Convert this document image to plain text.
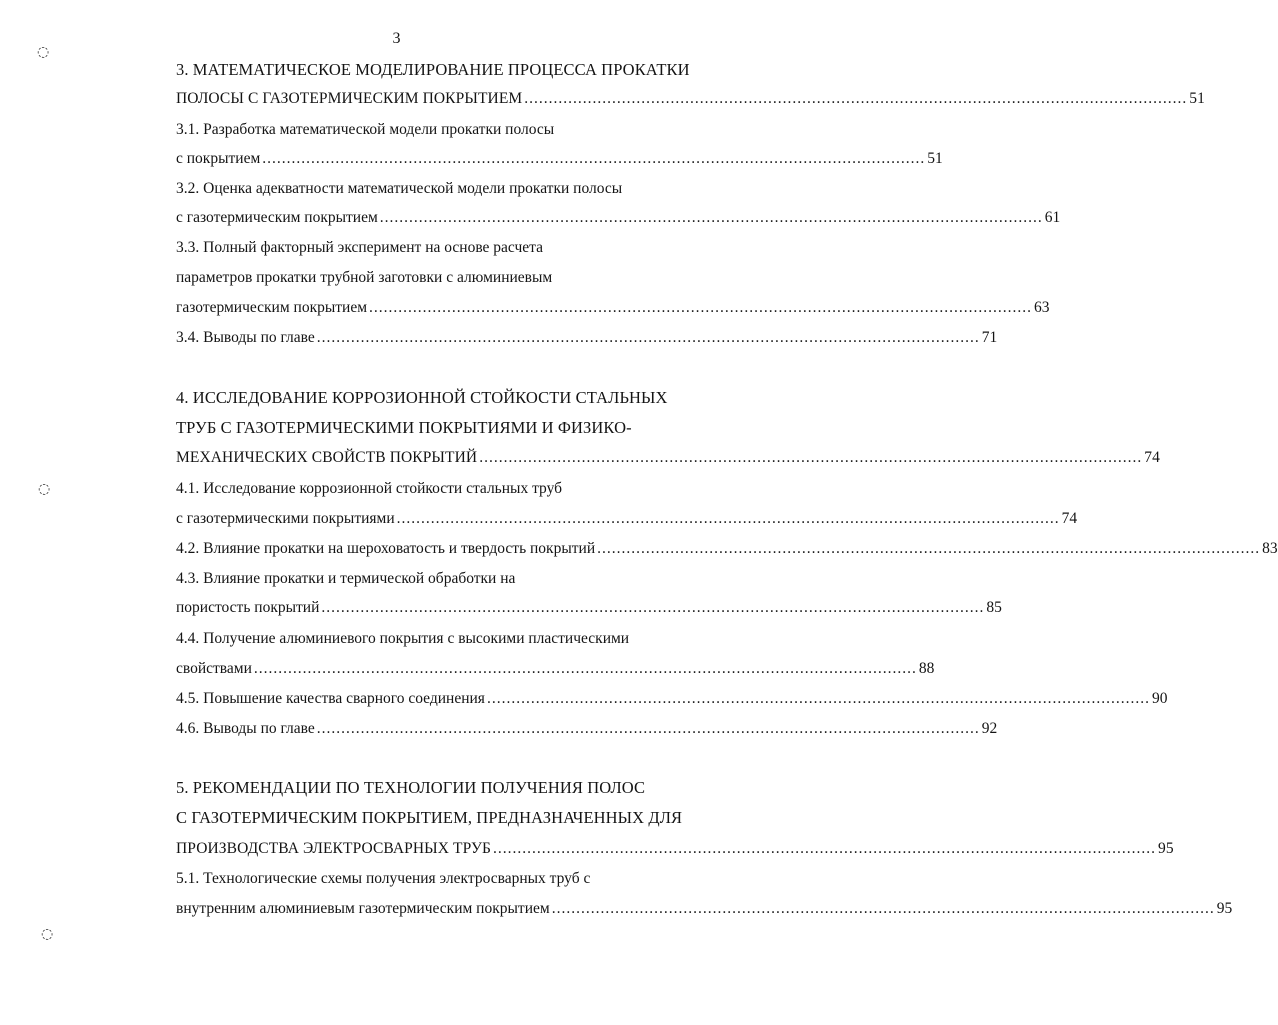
3
◌
◌
◌
3. МАТЕМАТИЧЕСКОЕ МОДЕЛИРОВАНИЕ ПРОЦЕССА ПРОКАТКИ
ПОЛОСЫ С ГАЗОТЕРМИЧЕСКИМ ПОКРЫТИЕМ ........................................................................................................................................ 51
3.1. Разработка математической модели прокатки полосы
с покрытием ........................................................................................................................................ 51
3.2. Оценка адекватности математической модели прокатки полосы
с газотермическим покрытием ........................................................................................................................................ 61
3.3. Полный факторный эксперимент на основе расчета
параметров прокатки трубной заготовки с алюминиевым
газотермическим покрытием ........................................................................................................................................ 63
3.4. Выводы по главе ........................................................................................................................................ 71
4. ИССЛЕДОВАНИЕ КОРРОЗИОННОЙ СТОЙКОСТИ СТАЛЬНЫХ
ТРУБ С ГАЗОТЕРМИЧЕСКИМИ ПОКРЫТИЯМИ И ФИЗИКО-
МЕХАНИЧЕСКИХ СВОЙСТВ ПОКРЫТИЙ ........................................................................................................................................ 74
4.1. Исследование коррозионной стойкости стальных труб
с газотермическими покрытиями ........................................................................................................................................ 74
4.2. Влияние прокатки на шероховатость и твердость покрытий ........................................................................................................................................ 83
4.3. Влияние прокатки и термической обработки на
пористость покрытий ........................................................................................................................................ 85
4.4. Получение алюминиевого покрытия с высокими пластическими
свойствами ........................................................................................................................................ 88
4.5. Повышение качества сварного соединения ........................................................................................................................................ 90
4.6. Выводы по главе ........................................................................................................................................ 92
5. РЕКОМЕНДАЦИИ ПО ТЕХНОЛОГИИ ПОЛУЧЕНИЯ ПОЛОС
С ГАЗОТЕРМИЧЕСКИМ ПОКРЫТИЕМ, ПРЕДНАЗНАЧЕННЫХ ДЛЯ
ПРОИЗВОДСТВА ЭЛЕКТРОСВАРНЫХ ТРУБ ........................................................................................................................................ 95
5.1. Технологические схемы получения электросварных труб с
внутренним алюминиевым газотермическим покрытием ........................................................................................................................................ 95
